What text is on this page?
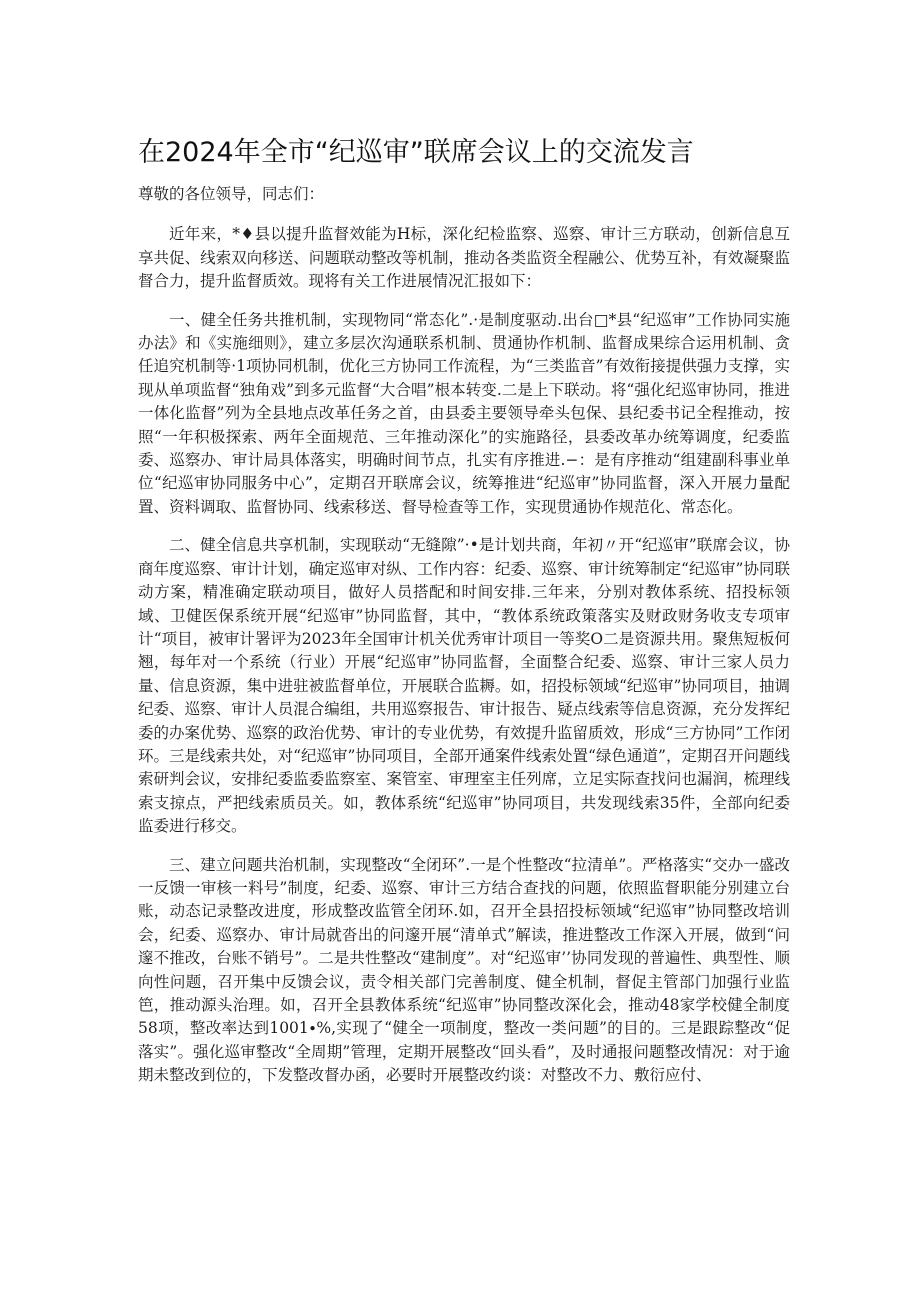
在2024年全市“纪巡审”联席会议上的交流发言

尊敬的各位领导，同志们：

近年来，*♦县以提升监督效能为H标，深化纪检监察、巡察、审计三方联动，创新信息互享共促、线索双向移送、问题联动整改等机制，推动各类监资全程融公、优势互补，有效凝聚监督合力，提升监督质效。现将有关工作进展情况汇报如下：

一、健全任务共推机制，实现物同“常态化”.·是制度驱动.出台□*县“纪巡审”工作协同实施办法》和《实施细则》，建立多层次沟通联系机制、贯通协作机制、监督成果综合运用机制、贪任追究机制等·1项协同机制，优化三方协同工作流程，为“三类监音”有效衔接提供强力支撑，实现从单项监督“独角戏”到多元监督“大合唱”根本转变.二是上下联动。将“强化纪巡审协同，推进一体化监督”列为全县地点改革任务之首，由县委主要领导牵头包保、县纪委书记全程推动，按照“一年积极探索、两年全面规范、三年推动深化”的实施路径，县委改革办统筹调度，纪委监委、巡察办、审计局具体落实，明确时间节点，扎实有序推进.−：是有序推动“组建副科事业单位“纪巡审协同服务中心”，定期召开联席会议，统筹推进“纪巡审”协同监督，深入开展力量配置、资料调取、监督协同、线索移送、督导检查等工作，实现贯通协作规范化、常态化。

二、健全信息共享机制，实现联动“无缝隙”·•是计划共商，年初〃开“纪巡审”联席会议，协商年度巡察、审计计划，确定巡审对纵、工作内容：纪委、巡察、审计统筹制定“纪巡审”协同联动方案，精准确定联动项目，做好人员搭配和时间安排.三年来，分别对教体系统、招投标领域、卫健医保系统开展“纪巡审”协同监督，其中，“教体系统政策落实及财政财务收支专项审计“项目，被审计署评为2023年全国审计机关优秀审计项目一等奖O二是资源共用。聚焦短板何翘，每年对一个系统（行业）开展“纪巡审”协同监督，全面整合纪委、巡察、审计三家人员力量、信息资源，集中进驻被监督单位，开展联合监耨。如，招投标领域“纪巡审”协同项目，抽调纪委、巡察、审计人员混合编组，共用巡察报告、审计报告、疑点线索等信息资源，充分发挥纪委的办案优势、巡察的政治优势、审计的专业优势，有效提升监留质效，形成“三方协同”工作闭环。三是线索共处，对“纪巡审”协同项目，全部开通案件线索处置“绿色通道”，定期召开问题线索研判会议，安排纪委监委监察室、案管室、审理室主任列席，立足实际查找问也漏润，梳理线索支掠点，严把线索质员关。如，教体系统“纪巡审”协同项目，共发现线索35件，全部向纪委监委进行移交。

三、建立问题共治机制，实现整改“全闭环”.一是个性整改“拉清单”。严格落实“交办一盛改一反馈一审核一料号”制度，纪委、巡察、审计三方结合查找的问题，依照监督职能分别建立台账，动态记录整改进度，形成整改监管全闭环.如，召开全县招投标领域“纪巡审”协同整改培训会，纪委、巡察办、审计局就沓出的问邃开展“清单式”解读，推进整改工作深入开展，做到“问邃不推改，台账不销号”。二是共性整改“建制度”。对“纪巡审’’协同发现的普遍性、典型性、顺向性问题，召开集中反馈会议，责令相关部门完善制度、健全机制，督促主管部门加强行业监笆，推动源头治理。如，召开全县教体系统“纪巡审”协同整改深化会，推动48家学校健全制度58项，整改率达到1001∙%,实现了“健全一项制度，整改一类问题”的目的。三是跟踪整改“促落实”。强化巡审整改“全周期”管理，定期开展整改“回头看”，及时通报问题整改情况：对于逾期未整改到位的，下发整改督办函，必要时开展整改约谈：对整改不力、敷衍应付、
